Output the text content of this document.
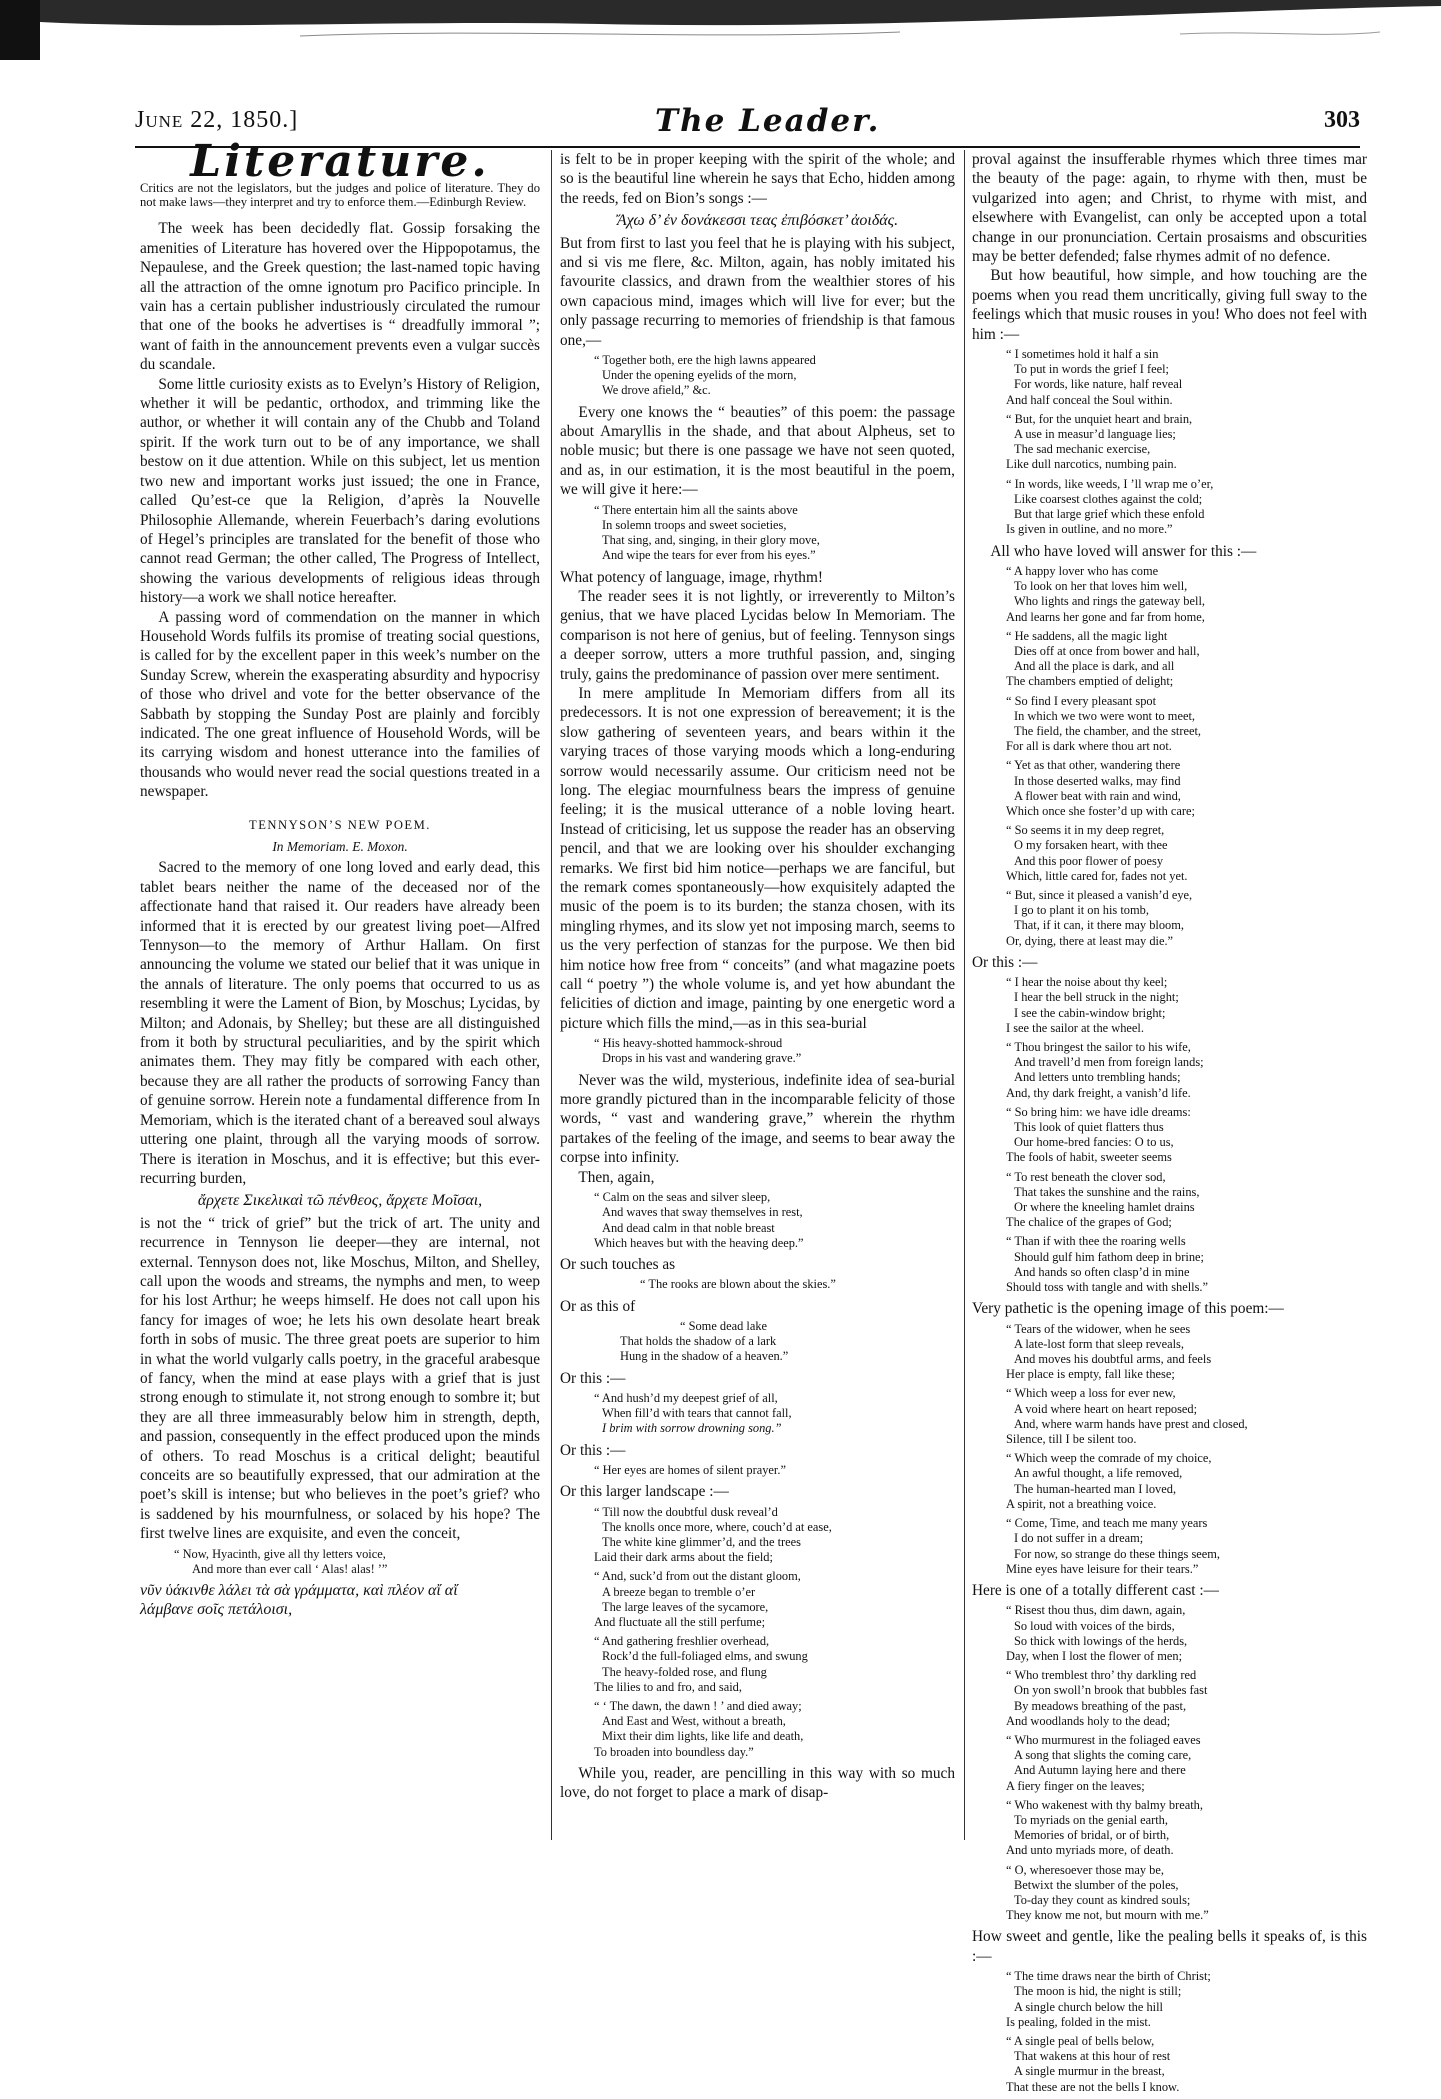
June 22, 1850.]	The Leader.	303
Literature.

Critics are not the legislators, but the judges and police of literature. They do not make laws—they interpret and try to enforce them.—Edinburgh Review.

The week has been decidedly flat. Gossip forsaking the amenities of Literature has hovered over the Hippopotamus, the Nepaulese, and the Greek question; the last-named topic having all the attraction of the omne ignotum pro Pacifico principle. In vain has a certain publisher industriously circulated the rumour that one of the books he advertises is “ dreadfully immoral ”; want of faith in the announcement prevents even a vulgar succès du scandale.

Some little curiosity exists as to Evelyn’s History of Religion, whether it will be pedantic, orthodox, and trimming like the author, or whether it will contain any of the Chubb and Toland spirit. If the work turn out to be of any importance, we shall bestow on it due attention. While on this subject, let us mention two new and important works just issued; the one in France, called Qu’est-ce que la Religion, d’après la Nouvelle Philosophie Allemande, wherein Feuerbach’s daring evolutions of Hegel’s principles are translated for the benefit of those who cannot read German; the other called, The Progress of Intellect, showing the various developments of religious ideas through history—a work we shall notice hereafter.

A passing word of commendation on the manner in which Household Words fulfils its promise of treating social questions, is called for by the excellent paper in this week’s number on the Sunday Screw, wherein the exasperating absurdity and hypocrisy of those who drivel and vote for the better observance of the Sabbath by stopping the Sunday Post are plainly and forcibly indicated. The one great influence of Household Words, will be its carrying wisdom and honest utterance into the families of thousands who would never read the social questions treated in a newspaper.

TENNYSON’S NEW POEM.
In Memoriam. E. Moxon.

Sacred to the memory of one long loved and early dead, this tablet bears neither the name of the deceased nor of the affectionate hand that raised it. Our readers have already been informed that it is erected by our greatest living poet—Alfred Tennyson—to the memory of Arthur Hallam. On first announcing the volume we stated our belief that it was unique in the annals of literature. The only poems that occurred to us as resembling it were the Lament of Bion, by Moschus; Lycidas, by Milton; and Adonais, by Shelley; but these are all distinguished from it both by structural peculiarities, and by the spirit which animates them. They may fitly be compared with each other, because they are all rather the products of sorrowing Fancy than of genuine sorrow. Herein note a fundamental difference from In Memoriam, which is the iterated chant of a bereaved soul always uttering one plaint, through all the varying moods of sorrow. There is iteration in Moschus, and it is effective; but this ever-recurring burden,

ἄρχετε Σικελικαὶ τῶ πένθεος, ἄρχετε Μοῖσαι,

is not the “ trick of grief” but the trick of art. The unity and recurrence in Tennyson lie deeper—they are internal, not external. Tennyson does not, like Moschus, Milton, and Shelley, call upon the woods and streams, the nymphs and men, to weep for his lost Arthur; he weeps himself. He does not call upon his fancy for images of woe; he lets his own desolate heart break forth in sobs of music. The three great poets are superior to him in what the world vulgarly calls poetry, in the graceful arabesque of fancy, when the mind at ease plays with a grief that is just strong enough to stimulate it, not strong enough to sombre it; but they are all three immeasurably below him in strength, depth, and passion, consequently in the effect produced upon the minds of others. To read Moschus is a critical delight; beautiful conceits are so beautifully expressed, that our admiration at the poet’s skill is intense; but who believes in the poet’s grief? who is saddened by his mournfulness, or solaced by his hope? The first twelve lines are exquisite, and even the conceit,

“ Now, Hyacinth, give all thy letters voice,
And more than ever call ‘ Alas! alas! ’”
νῦν ὑάκινθε λάλει τὰ σὰ γράμματα, καὶ πλέον αἴ αἴ
λάμβανε σοῖς πετάλοισι,

is felt to be in proper keeping with the spirit of the whole; and so is the beautiful line wherein he says that Echo, hidden among the reeds, fed on Bion’s songs :—

Ἄχω δ’ ἐν δονάκεσσι τεας ἐπιβόσκετ’ ἀοιδάς.

But from first to last you feel that he is playing with his subject, and si vis me flere, &c. Milton, again, has nobly imitated his favourite classics, and drawn from the wealthier stores of his own capacious mind, images which will live for ever; but the only passage recurring to memories of friendship is that famous one,—

“ Together both, ere the high lawns appeared
Under the opening eyelids of the morn,
We drove afield,” &c.

Every one knows the “ beauties” of this poem: the passage about Amaryllis in the shade, and that about Alpheus, set to noble music; but there is one passage we have not seen quoted, and as, in our estimation, it is the most beautiful in the poem, we will give it here:—

“ There entertain him all the saints above
In solemn troops and sweet societies,
That sing, and, singing, in their glory move,
And wipe the tears for ever from his eyes.”

What potency of language, image, rhythm!

The reader sees it is not lightly, or irreverently to Milton’s genius, that we have placed Lycidas below In Memoriam. The comparison is not here of genius, but of feeling. Tennyson sings a deeper sorrow, utters a more truthful passion, and, singing truly, gains the predominance of passion over mere sentiment.

In mere amplitude In Memoriam differs from all its predecessors. It is not one expression of bereavement; it is the slow gathering of seventeen years, and bears within it the varying traces of those varying moods which a long-enduring sorrow would necessarily assume. Our criticism need not be long. The elegiac mournfulness bears the impress of genuine feeling; it is the musical utterance of a noble loving heart. Instead of criticising, let us suppose the reader has an observing pencil, and that we are looking over his shoulder exchanging remarks. We first bid him notice—perhaps we are fanciful, but the remark comes spontaneously—how exquisitely adapted the music of the poem is to its burden; the stanza chosen, with its mingling rhymes, and its slow yet not imposing march, seems to us the very perfection of stanzas for the purpose. We then bid him notice how free from “ conceits” (and what magazine poets call “ poetry ”) the whole volume is, and yet how abundant the felicities of diction and image, painting by one energetic word a picture which fills the mind,—as in this sea-burial

“ His heavy-shotted hammock-shroud
Drops in his vast and wandering grave.”

Never was the wild, mysterious, indefinite idea of sea-burial more grandly pictured than in the incomparable felicity of those words, “ vast and wandering grave,” wherein the rhythm partakes of the feeling of the image, and seems to bear away the corpse into infinity.

Then, again,

“ Calm on the seas and silver sleep,
And waves that sway themselves in rest,
And dead calm in that noble breast
Which heaves but with the heaving deep.”

Or such touches as

“ The rooks are blown about the skies.”

Or as this of

“ Some dead lake
That holds the shadow of a lark
Hung in the shadow of a heaven.”

Or this :—

“ And hush’d my deepest grief of all,
When fill’d with tears that cannot fall,
I brim with sorrow drowning song.”

Or this :—

“ Her eyes are homes of silent prayer.”

Or this larger landscape :—

“ Till now the doubtful dusk reveal’d
The knolls once more, where, couch’d at ease,
The white kine glimmer’d, and the trees
Laid their dark arms about the field;
“ And, suck’d from out the distant gloom,
A breeze began to tremble o’er
The large leaves of the sycamore,
And fluctuate all the still perfume;
“ And gathering freshlier overhead,
Rock’d the full-foliaged elms, and swung
The heavy-folded rose, and flung
The lilies to and fro, and said,
“ ‘ The dawn, the dawn ! ’ and died away;
And East and West, without a breath,
Mixt their dim lights, like life and death,
To broaden into boundless day.”

While you, reader, are pencilling in this way with so much love, do not forget to place a mark of disap-

proval against the insufferable rhymes which three times mar the beauty of the page: again, to rhyme with then, must be vulgarized into agen; and Christ, to rhyme with mist, and elsewhere with Evangelist, can only be accepted upon a total change in our pronunciation. Certain prosaisms and obscurities may be better defended; false rhymes admit of no defence.

But how beautiful, how simple, and how touching are the poems when you read them uncritically, giving full sway to the feelings which that music rouses in you! Who does not feel with him :—

“ I sometimes hold it half a sin
To put in words the grief I feel;
For words, like nature, half reveal
And half conceal the Soul within.
“ But, for the unquiet heart and brain,
A use in measur’d language lies;
The sad mechanic exercise,
Like dull narcotics, numbing pain.
“ In words, like weeds, I ’ll wrap me o’er,
Like coarsest clothes against the cold;
But that large grief which these enfold
Is given in outline, and no more.”

All who have loved will answer for this :—

“ A happy lover who has come
To look on her that loves him well,
Who lights and rings the gateway bell,
And learns her gone and far from home,
“ He saddens, all the magic light
Dies off at once from bower and hall,
And all the place is dark, and all
The chambers emptied of delight;
“ So find I every pleasant spot
In which we two were wont to meet,
The field, the chamber, and the street,
For all is dark where thou art not.
“ Yet as that other, wandering there
In those deserted walks, may find
A flower beat with rain and wind,
Which once she foster’d up with care;
“ So seems it in my deep regret,
O my forsaken heart, with thee
And this poor flower of poesy
Which, little cared for, fades not yet.
“ But, since it pleased a vanish’d eye,
I go to plant it on his tomb,
That, if it can, it there may bloom,
Or, dying, there at least may die.”

Or this :—

“ I hear the noise about thy keel;
I hear the bell struck in the night;
I see the cabin-window bright;
I see the sailor at the wheel.
“ Thou bringest the sailor to his wife,
And travell’d men from foreign lands;
And letters unto trembling hands;
And, thy dark freight, a vanish’d life.
“ So bring him: we have idle dreams:
This look of quiet flatters thus
Our home-bred fancies: O to us,
The fools of habit, sweeter seems
“ To rest beneath the clover sod,
That takes the sunshine and the rains,
Or where the kneeling hamlet drains
The chalice of the grapes of God;
“ Than if with thee the roaring wells
Should gulf him fathom deep in brine;
And hands so often clasp’d in mine
Should toss with tangle and with shells.”

Very pathetic is the opening image of this poem:—

“ Tears of the widower, when he sees
A late-lost form that sleep reveals,
And moves his doubtful arms, and feels
Her place is empty, fall like these;
“ Which weep a loss for ever new,
A void where heart on heart reposed;
And, where warm hands have prest and closed,
Silence, till I be silent too.
“ Which weep the comrade of my choice,
An awful thought, a life removed,
The human-hearted man I loved,
A spirit, not a breathing voice.
“ Come, Time, and teach me many years
I do not suffer in a dream;
For now, so strange do these things seem,
Mine eyes have leisure for their tears.”

Here is one of a totally different cast :—

“ Risest thou thus, dim dawn, again,
So loud with voices of the birds,
So thick with lowings of the herds,
Day, when I lost the flower of men;
“ Who tremblest thro’ thy darkling red
On yon swoll’n brook that bubbles fast
By meadows breathing of the past,
And woodlands holy to the dead;
“ Who murmurest in the foliaged eaves
A song that slights the coming care,
And Autumn laying here and there
A fiery finger on the leaves;
“ Who wakenest with thy balmy breath,
To myriads on the genial earth,
Memories of bridal, or of birth,
And unto myriads more, of death.
“ O, wheresoever those may be,
Betwixt the slumber of the poles,
To-day they count as kindred souls;
They know me not, but mourn with me.”

How sweet and gentle, like the pealing bells it speaks of, is this :—

“ The time draws near the birth of Christ;
The moon is hid, the night is still;
A single church below the hill
Is pealing, folded in the mist.
“ A single peal of bells below,
That wakens at this hour of rest
A single murmur in the breast,
That these are not the bells I know.
